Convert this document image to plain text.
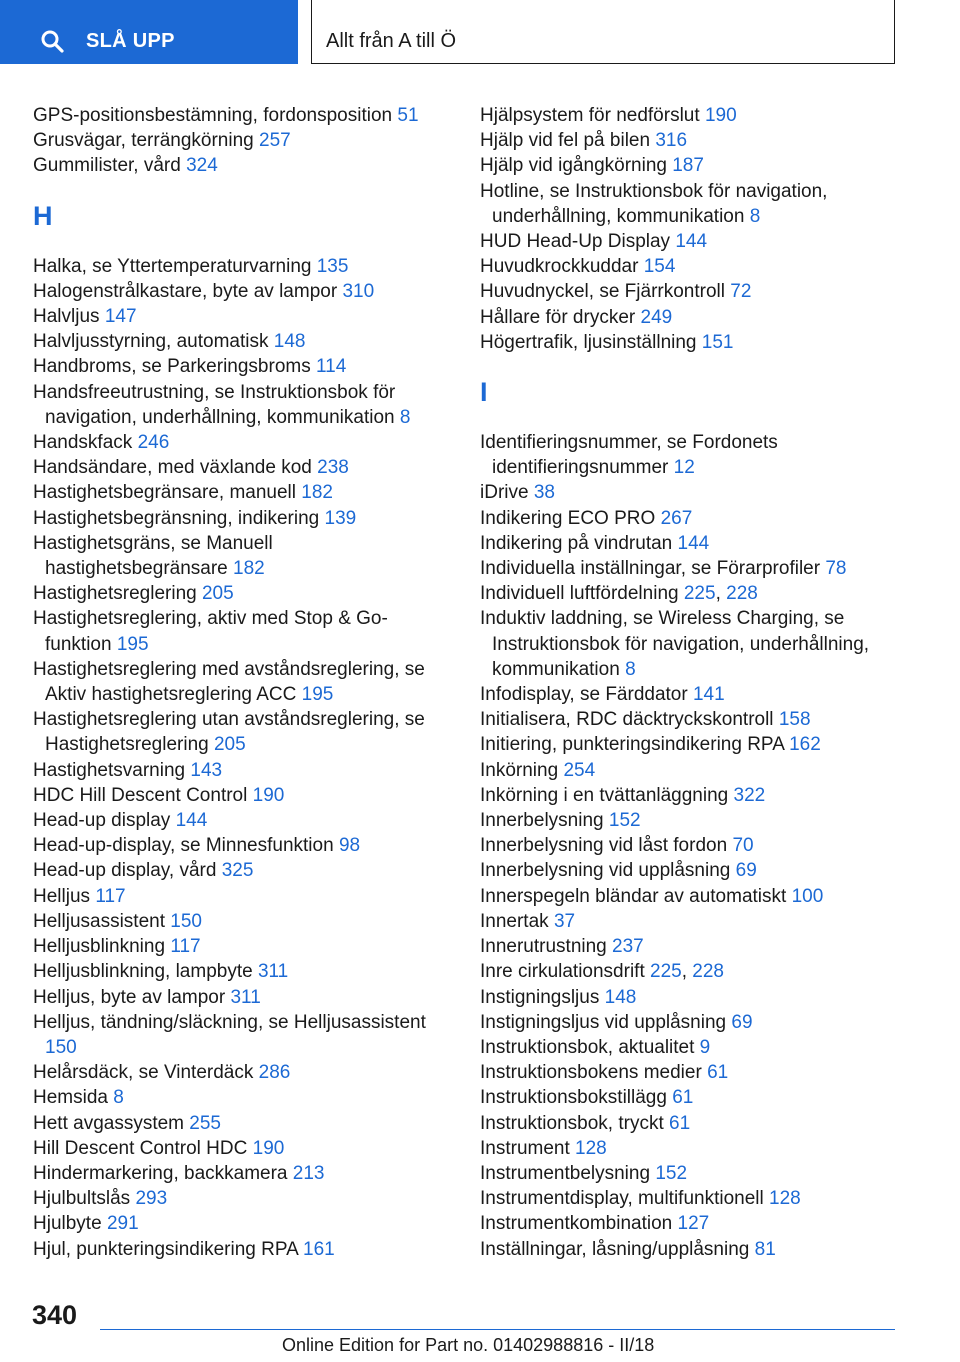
SLÅ UPP	Allt från A till Ö

GPS-positionsbestämning, fordonsposition 51

Grusvägar, terrängkörning 257

Gummilister, vård 324

H

Halka, se Yttertemperaturvarning 135

Halogenstrålkastare, byte av lampor 310

Halvljus 147

Halvljusstyrning, automatisk 148

Handbroms, se Parkeringsbroms 114

Handsfreeutrustning, se Instruktionsbok för navigation, underhållning, kommunikation 8

Handskfack 246

Handsändare, med växlande kod 238

Hastighetsbegränsare, manuell 182

Hastighetsbegränsning, indikering 139

Hastighetsgräns, se Manuell hastighetsbegränsare 182

Hastighetsreglering 205

Hastighetsreglering, aktiv med Stop & Go-funktion 195

Hastighetsreglering med avståndsreglering, se Aktiv hastighetsreglering ACC 195

Hastighetsreglering utan avståndsreglering, se Hastighetsreglering 205

Hastighetsvarning 143

HDC Hill Descent Control 190

Head-up display 144

Head-up-display, se Minnesfunktion 98

Head-up display, vård 325

Helljus 117

Helljusassistent 150

Helljusblinkning 117

Helljusblinkning, lampbyte 311

Helljus, byte av lampor 311

Helljus, tändning/släckning, se Helljusassistent 150

Helårsdäck, se Vinterdäck 286

Hemsida 8

Hett avgassystem 255

Hill Descent Control HDC 190

Hindermarkering, backkamera 213

Hjulbultslås 293

Hjulbyte 291

Hjul, punkteringsindikering RPA 161

Hjälpsystem för nedförslut 190

Hjälp vid fel på bilen 316

Hjälp vid igångkörning 187

Hotline, se Instruktionsbok för navigation, underhållning, kommunikation 8

HUD Head-Up Display 144

Huvudkrockkuddar 154

Huvudnyckel, se Fjärrkontroll 72

Hållare för drycker 249

Högertrafik, ljusinställning 151

I

Identifieringsnummer, se Fordonets identifieringsnummer 12

iDrive 38

Indikering ECO PRO 267

Indikering på vindrutan 144

Individuella inställningar, se Förarprofiler 78

Individuell luftfördelning 225, 228

Induktiv laddning, se Wireless Charging, se Instruktionsbok för navigation, underhållning, kommunikation 8

Infodisplay, se Färddator 141

Initialisera, RDC däcktryckskontroll 158

Initiering, punkteringsindikering RPA 162

Inkörning 254

Inkörning i en tvättanläggning 322

Innerbelysning 152

Innerbelysning vid låst fordon 70

Innerbelysning vid upplåsning 69

Innerspegeln bländar av automatiskt 100

Innertak 37

Innerutrustning 237

Inre cirkulationsdrift 225, 228

Instigningsljus 148

Instigningsljus vid upplåsning 69

Instruktionsbok, aktualitet 9

Instruktionsbokens medier 61

Instruktionsbokstillägg 61

Instruktionsbok, tryckt 61

Instrument 128

Instrumentbelysning 152

Instrumentdisplay, multifunktionell 128

Instrumentkombination 127

Inställningar, låsning/upplåsning 81

340
Online Edition for Part no. 01402988816 - II/18
